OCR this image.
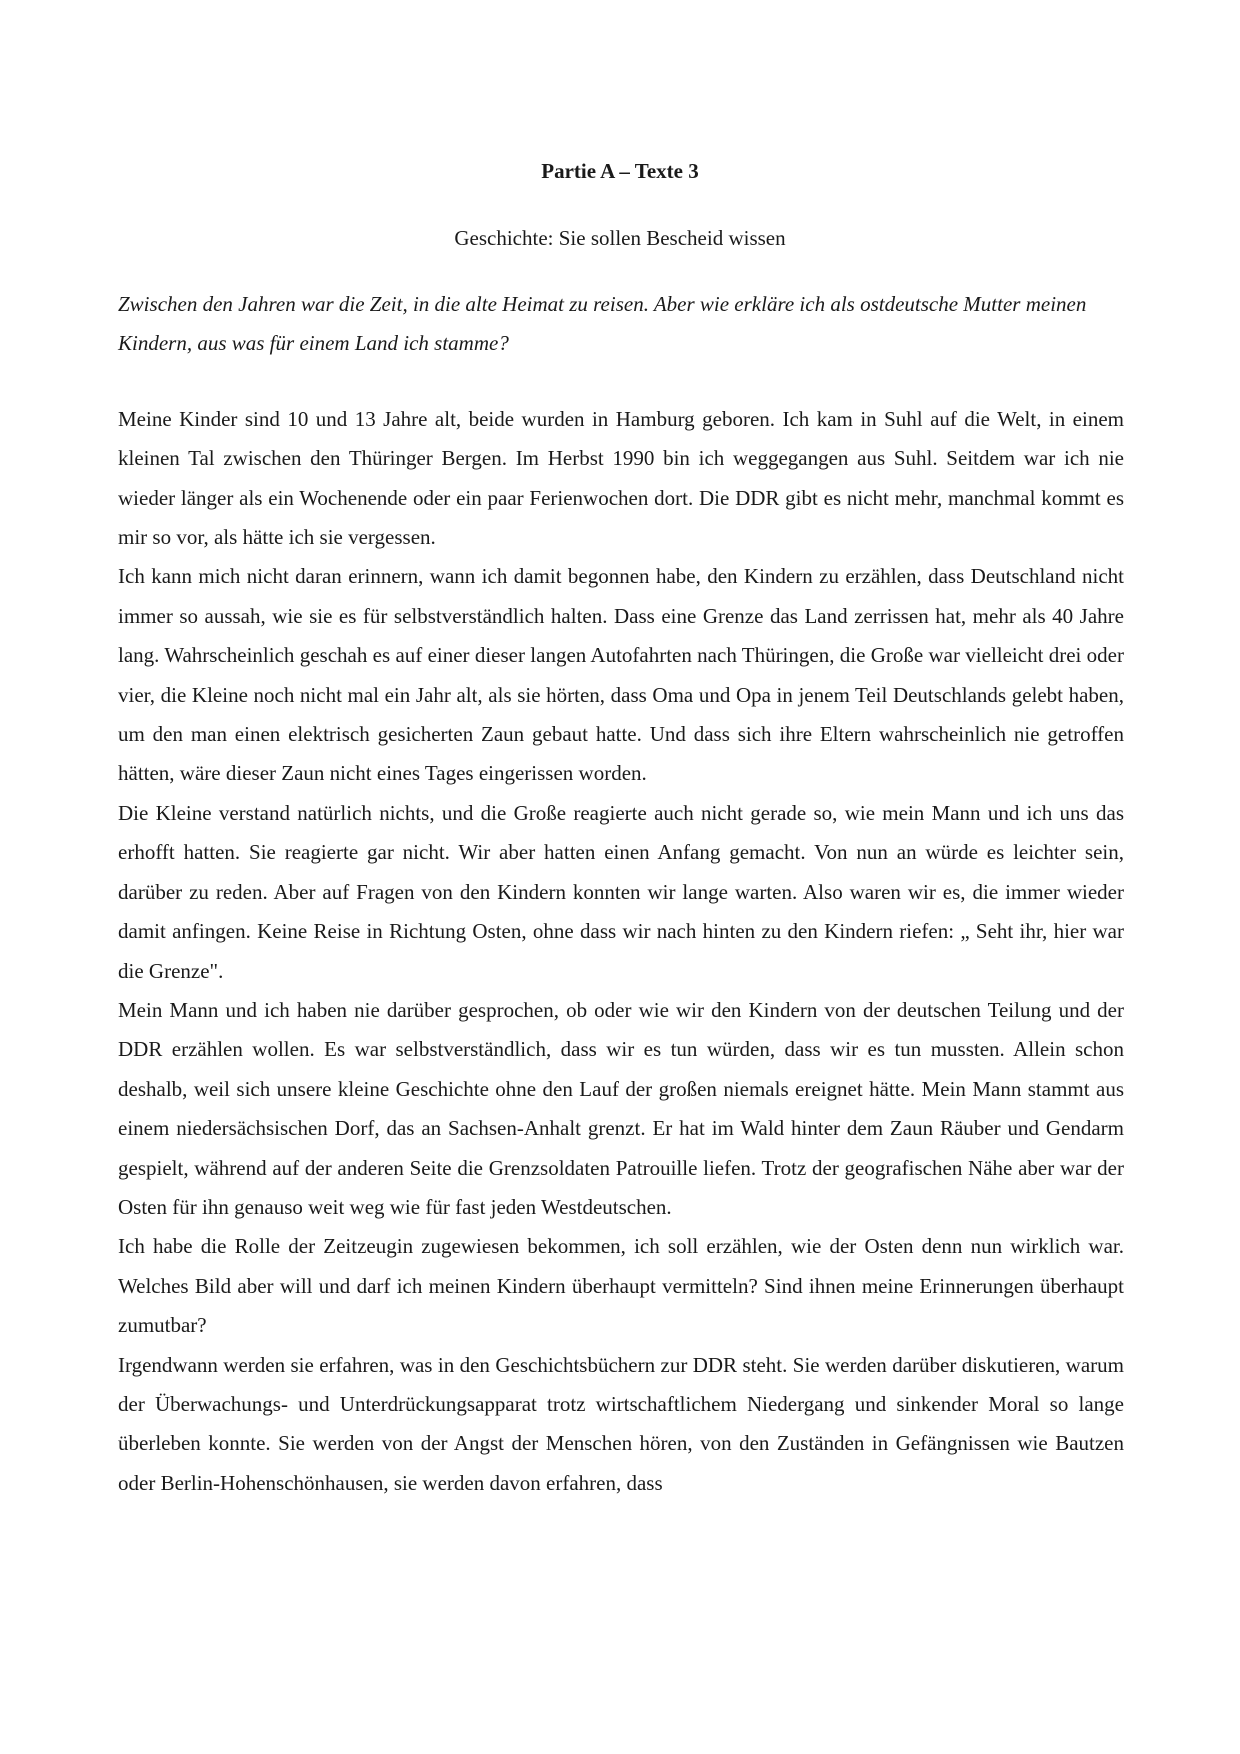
Partie A – Texte 3
Geschichte: Sie sollen Bescheid wissen

Zwischen den Jahren war die Zeit, in die alte Heimat zu reisen. Aber wie erkläre ich als ostdeutsche Mutter meinen Kindern, aus was für einem Land ich stamme?

Meine Kinder sind 10 und 13 Jahre alt, beide wurden in Hamburg geboren. Ich kam in Suhl auf die Welt, in einem kleinen Tal zwischen den Thüringer Bergen. Im Herbst 1990 bin ich weggegangen aus Suhl. Seitdem war ich nie wieder länger als ein Wochenende oder ein paar Ferienwochen dort. Die DDR gibt es nicht mehr, manchmal kommt es mir so vor, als hätte ich sie vergessen.

Ich kann mich nicht daran erinnern, wann ich damit begonnen habe, den Kindern zu erzählen, dass Deutschland nicht immer so aussah, wie sie es für selbstverständlich halten. Dass eine Grenze das Land zerrissen hat, mehr als 40 Jahre lang. Wahrscheinlich geschah es auf einer dieser langen Autofahrten nach Thüringen, die Große war vielleicht drei oder vier, die Kleine noch nicht mal ein Jahr alt, als sie hörten, dass Oma und Opa in jenem Teil Deutschlands gelebt haben, um den man einen elektrisch gesicherten Zaun gebaut hatte. Und dass sich ihre Eltern wahrscheinlich nie getroffen hätten, wäre dieser Zaun nicht eines Tages eingerissen worden.

Die Kleine verstand natürlich nichts, und die Große reagierte auch nicht gerade so, wie mein Mann und ich uns das erhofft hatten. Sie reagierte gar nicht. Wir aber hatten einen Anfang gemacht. Von nun an würde es leichter sein, darüber zu reden. Aber auf Fragen von den Kindern konnten wir lange warten. Also waren wir es, die immer wieder damit anfingen. Keine Reise in Richtung Osten, ohne dass wir nach hinten zu den Kindern riefen: „ Seht ihr, hier war die Grenze".

Mein Mann und ich haben nie darüber gesprochen, ob oder wie wir den Kindern von der deutschen Teilung und der DDR erzählen wollen. Es war selbstverständlich, dass wir es tun würden, dass wir es tun mussten. Allein schon deshalb, weil sich unsere kleine Geschichte ohne den Lauf der großen niemals ereignet hätte. Mein Mann stammt aus einem niedersächsischen Dorf, das an Sachsen-Anhalt grenzt. Er hat im Wald hinter dem Zaun Räuber und Gendarm gespielt, während auf der anderen Seite die Grenzsoldaten Patrouille liefen. Trotz der geografischen Nähe aber war der Osten für ihn genauso weit weg wie für fast jeden Westdeutschen.

Ich habe die Rolle der Zeitzeugin zugewiesen bekommen, ich soll erzählen, wie der Osten denn nun wirklich war. Welches Bild aber will und darf ich meinen Kindern überhaupt vermitteln? Sind ihnen meine Erinnerungen überhaupt zumutbar?

Irgendwann werden sie erfahren, was in den Geschichtsbüchern zur DDR steht. Sie werden darüber diskutieren, warum der Überwachungs- und Unterdrückungsapparat trotz wirtschaftlichem Niedergang und sinkender Moral so lange überleben konnte. Sie werden von der Angst der Menschen hören, von den Zuständen in Gefängnissen wie Bautzen oder Berlin-Hohenschönhausen, sie werden davon erfahren, dass
